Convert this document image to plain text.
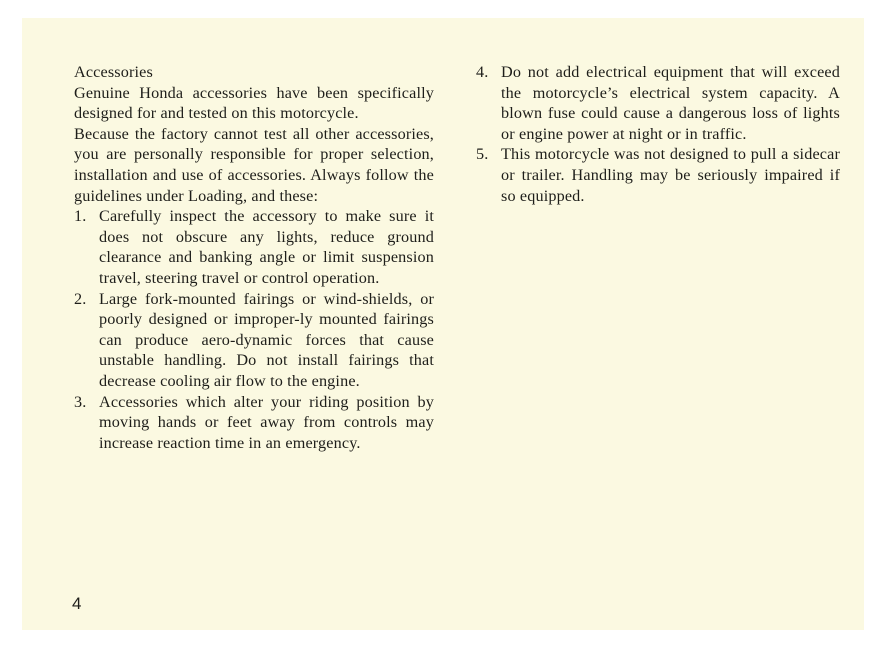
Accessories
Genuine Honda accessories have been specifically designed for and tested on this motorcycle.
Because the factory cannot test all other accessories, you are personally responsible for proper selection, installation and use of accessories. Always follow the guidelines under Loading, and these:
1. Carefully inspect the accessory to make sure it does not obscure any lights, reduce ground clearance and banking angle or limit suspension travel, steering travel or control operation.
2. Large fork-mounted fairings or wind-shields, or poorly designed or improper-ly mounted fairings can produce aero-dynamic forces that cause unstable handling. Do not install fairings that decrease cooling air flow to the engine.
3. Accessories which alter your riding position by moving hands or feet away from controls may increase reaction time in an emergency.
4. Do not add electrical equipment that will exceed the motorcycle’s electrical system capacity. A blown fuse could cause a dangerous loss of lights or engine power at night or in traffic.
5. This motorcycle was not designed to pull a sidecar or trailer. Handling may be seriously impaired if so equipped.
4
